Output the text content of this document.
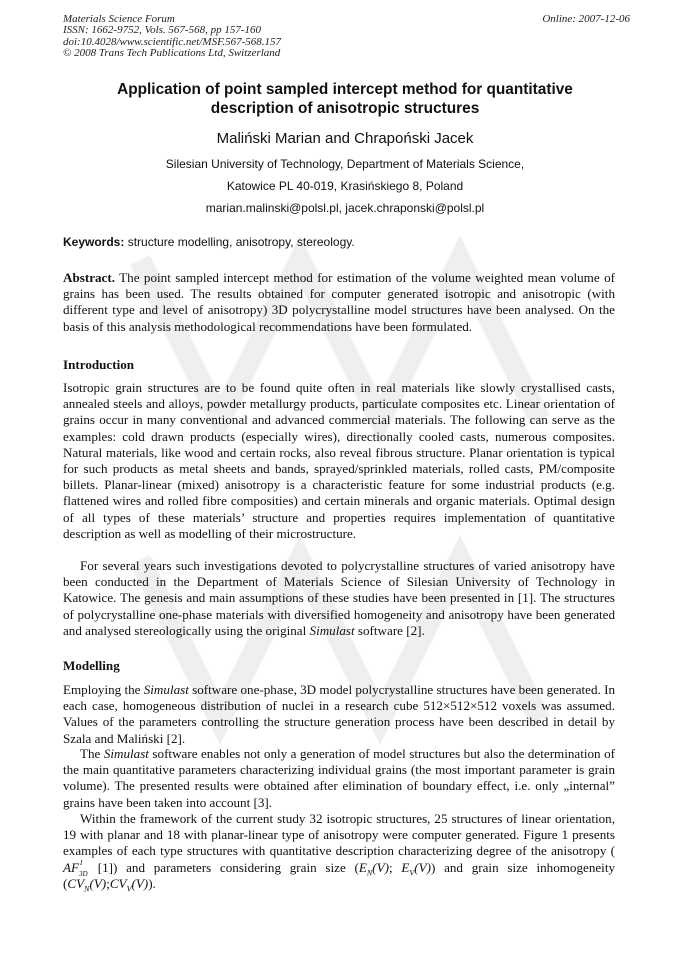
Materials Science Forum
ISSN: 1662-9752, Vols. 567-568, pp 157-160
doi:10.4028/www.scientific.net/MSF.567-568.157
© 2008 Trans Tech Publications Ltd, Switzerland
Online: 2007-12-06
Application of point sampled intercept method for quantitative
description of anisotropic structures
Maliński Marian and Chrapoński Jacek
Silesian University of Technology, Department of Materials Science,
Katowice PL 40-019, Krasińskiego 8, Poland
marian.malinski@polsl.pl, jacek.chraponski@polsl.pl
Keywords: structure modelling, anisotropy, stereology.
Abstract. The point sampled intercept method for estimation of the volume weighted mean volume of grains has been used. The results obtained for computer generated isotropic and anisotropic (with different type and level of anisotropy) 3D polycrystalline model structures have been analysed. On the basis of this analysis methodological recommendations have been formulated.
Introduction
Isotropic grain structures are to be found quite often in real materials like slowly crystallised casts, annealed steels and alloys, powder metallurgy products, particulate composites etc. Linear orientation of grains occur in many conventional and advanced commercial materials. The following can serve as the examples: cold drawn products (especially wires), directionally cooled casts, numerous composites. Natural materials, like wood and certain rocks, also reveal fibrous structure. Planar orientation is typical for such products as metal sheets and bands, sprayed/sprinkled materials, rolled casts, PM/composite billets. Planar-linear (mixed) anisotropy is a characteristic feature for some industrial products (e.g. flattened wires and rolled fibre composities) and certain minerals and organic materials. Optimal design of all types of these materials’ structure and properties requires implementation of quantitative description as well as modelling of their microstructure.
For several years such investigations devoted to polycrystalline structures of varied anisotropy have been conducted in the Department of Materials Science of Silesian University of Technology in Katowice. The genesis and main assumptions of these studies have been presented in [1]. The structures of polycrystalline one-phase materials with diversified homogeneity and anisotropy have been generated and analysed stereologically using the original Simulast software [2].
Modelling
Employing the Simulast software one-phase, 3D model polycrystalline structures have been generated. In each case, homogeneous distribution of nuclei in a research cube 512×512×512 voxels was assumed. Values of the parameters controlling the structure generation process have been described in detail by Szala and Maliński [2].
The Simulast software enables not only a generation of model structures but also the determination of the main quantitative parameters characterizing individual grains (the most important parameter is grain volume). The presented results were obtained after elimination of boundary effect, i.e. only „internal” grains have been taken into account [3].
Within the framework of the current study 32 isotropic structures, 25 structures of linear orientation, 19 with planar and 18 with planar-linear type of anisotropy were computer generated. Figure 1 presents examples of each type structures with quantitative description characterizing degree of the anisotropy ( AF I
3D [1]) and parameters considering grain size ($E_N(V)$; $E_V(V)$) and grain size inhomogeneity $(CV_N(V);CV_V(V))$.
